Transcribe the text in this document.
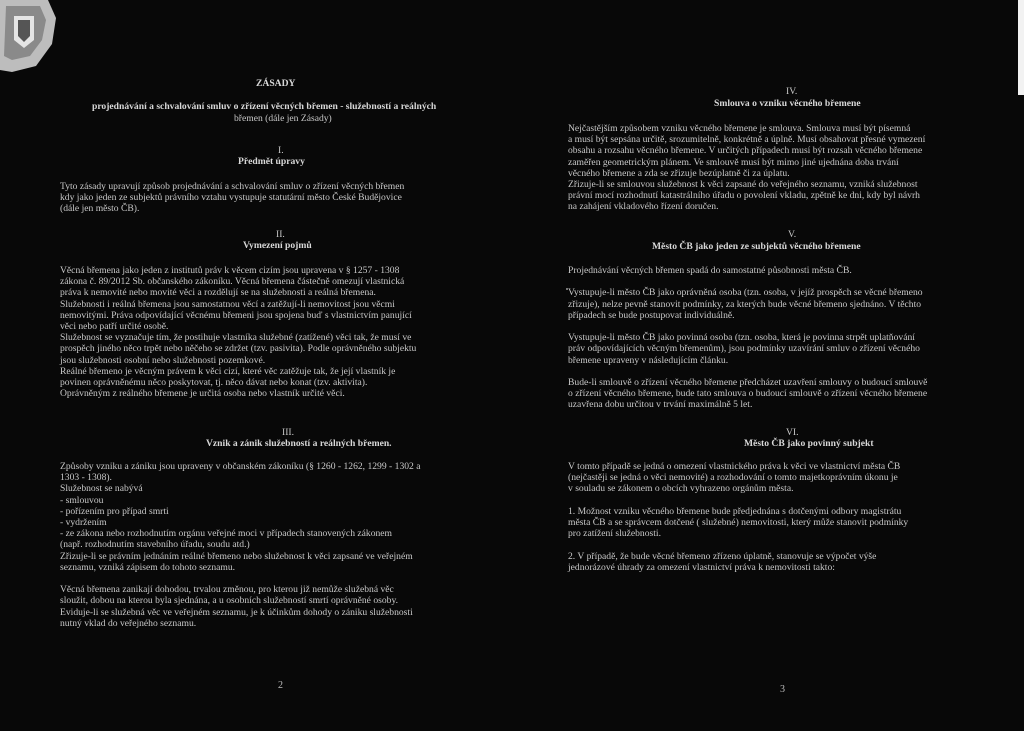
ZÁSADY
projednávání a schvalování smluv o zřízení věcných břemen - služebností a reálných
břemen (dále jen Zásady)
I.
Předmět úpravy
Tyto zásady upravují způsob projednávání a schvalování smluv o zřízení věcných břemen
kdy jako jeden ze subjektů právního vztahu vystupuje statutární město České Budějovice
(dále jen město ČB).
II.
Vymezení pojmů
Věcná břemena jako jeden z institutů práv k věcem cizím jsou upravena v § 1257 - 1308
zákona č. 89/2012 Sb. občanského zákoníku. Věcná břemena částečně omezují vlastnická
práva k nemovité nebo movité věci a rozdělují se na služebnosti a reálná břemena.
Služebnosti i reálná břemena jsou samostatnou věcí a zatěžují-li nemovitost jsou věcmi
nemovitými. Práva odpovídající věcnému břemeni jsou spojena buď s vlastnictvím panující
věci nebo patří určité osobě.
Služebnost se vyznačuje tím, že postihuje vlastníka služebné (zatížené) věci tak, že musí ve
prospěch jiného něco trpět nebo něčeho se zdržet (tzv. pasivita). Podle oprávněného subjektu
jsou služebnosti osobní nebo služebnosti pozemkové.
Reálné břemeno je věcným právem k věci cizí, které věc zatěžuje tak, že její vlastník je
povinen oprávněnému něco poskytovat, tj. něco dávat nebo konat (tzv. aktivita).
Oprávněným z reálného břemene je určitá osoba nebo vlastník určité věci.
III.
Vznik a zánik služebností a reálných břemen.
Způsoby vzniku a zániku jsou upraveny v občanském zákoníku (§ 1260 - 1262, 1299 - 1302 a
1303 - 1308).
Služebnost se nabývá
- smlouvou
- pořízením pro případ smrti
- vydržením
- ze zákona nebo rozhodnutím orgánu veřejné moci v případech stanovených zákonem
(např. rozhodnutím stavebního úřadu, soudu atd.)
Zřizuje-li se právním jednáním reálné břemeno nebo služebnost k věci zapsané ve veřejném
seznamu, vzniká zápisem do tohoto seznamu.
Věcná břemena zanikají dohodou, trvalou změnou, pro kterou již nemůže služebná věc
sloužit, dobou na kterou byla sjednána, a u osobních služebností smrtí oprávněné osoby.
Eviduje-li se služebná věc ve veřejném seznamu, je k účinkům dohody o zániku služebnosti
nutný vklad do veřejného seznamu.
2
IV.
Smlouva o vzniku věcného břemene
Nejčastějším způsobem vzniku věcného břemene je smlouva. Smlouva musí být písemná
a musí být sepsána určitě, srozumitelně, konkrétně a úplně. Musí obsahovat přesné vymezení
obsahu a rozsahu věcného břemene. V určitých případech musí být rozsah věcného břemene
zaměřen geometrickým plánem. Ve smlouvě musí být mimo jiné ujednána doba trvání
věcného břemene a zda se zřizuje bezúplatně či za úplatu.
Zřizuje-li se smlouvou služebnost k věci zapsané do veřejného seznamu, vzniká služebnost
právní mocí rozhodnutí katastrálního úřadu o povolení vkladu, zpětně ke dni, kdy byl návrh
na zahájení vkladového řízení doručen.
V.
Město ČB jako jeden ze subjektů věcného břemene
Projednávání věcných břemen spadá do samostatné působnosti města ČB.
Vystupuje-li město ČB jako oprávněná osoba (tzn. osoba, v jejíž prospěch se věcné břemeno
zřizuje), nelze pevně stanovit podmínky, za kterých bude věcné břemeno sjednáno. V těchto
případech se bude postupovat individuálně.
Vystupuje-li město ČB jako povinná osoba (tzn. osoba, která je povinna strpět uplatňování
práv odpovídajících věcným břemenům), jsou podmínky uzavírání smluv o zřízení věcného
břemene upraveny v následujícím článku.
Bude-li smlouvě o zřízení věcného břemene předcházet uzavření smlouvy o budoucí smlouvě
o zřízení věcného břemene, bude tato smlouva o budoucí smlouvě o zřízení věcného břemene
uzavřena dobu určitou v trvání maximálně 5 let.
VI.
Město ČB jako povinný subjekt
V tomto případě se jedná o omezení vlastnického práva k věci ve vlastnictví města ČB
(nejčastěji se jedná o věci nemovité) a rozhodování o tomto majetkoprávním úkonu je
v souladu se zákonem o obcích vyhrazeno orgánům města.
1. Možnost vzniku věcného břemene bude předjednána s dotčenými odbory magistrátu
města ČB a se správcem dotčené ( služebné) nemovitosti, který může stanovit podmínky
pro zatížení služebnosti.
2. V případě, že bude věcné břemeno zřízeno úplatně, stanovuje se výpočet výše
jednorázové úhrady za omezení vlastnictví práva k nemovitosti takto:
3
